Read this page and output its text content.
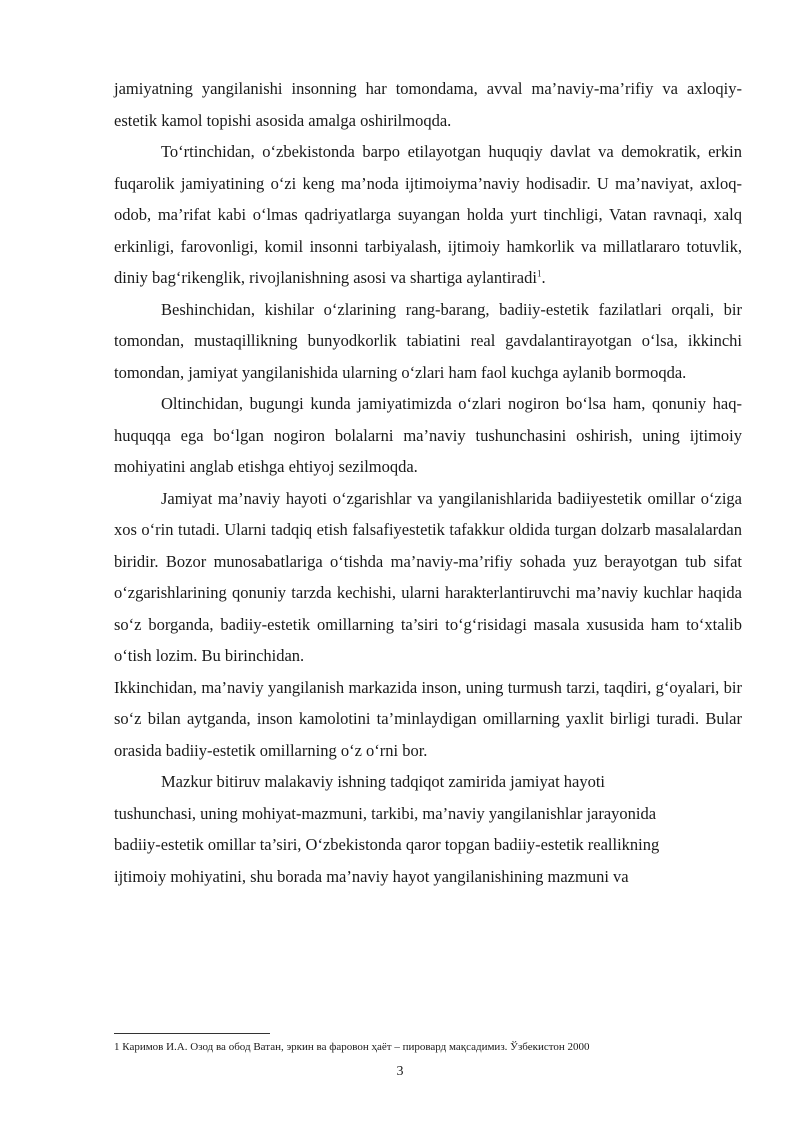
jamiyatning yangilanishi insonning har tomondama, avval ma’naviy-ma’rifiy va axloqiy-estetik kamol topishi asosida amalga oshirilmoqda.

To‘rtinchidan, o‘zbekistonda barpo etilayotgan huquqiy davlat va demokratik, erkin fuqarolik jamiyatining o‘zi keng ma’noda ijtimoiyma’naviy hodisadir. U ma’naviyat, axloq-odob, ma’rifat kabi o‘lmas qadriyatlarga suyangan holda yurt tinchligi, Vatan ravnaqi, xalq erkinligi, farovonligi, komil insonni tarbiyalash, ijtimoiy hamkorlik va millatlararo totuvlik, diniy bag‘rikenglik, rivojlanishning asosi va shartiga aylantiradi$^1$.

Beshinchidan, kishilar o‘zlarining rang-barang, badiiy-estetik fazilatlari orqali, bir tomondan, mustaqillikning bunyodkorlik tabiatini real gavdalantirayotgan o‘lsa, ikkinchi tomondan, jamiyat yangilanishida ularning o‘zlari ham faol kuchga aylanib bormoqda.

Oltinchidan, bugungi kunda jamiyatimizda o‘zlari nogiron bo‘lsa ham, qonuniy haq-huquqqa ega bo‘lgan nogiron bolalarni ma’naviy tushunchasini oshirish, uning ijtimoiy mohiyatini anglab etishga ehtiyoj sezilmoqda.

Jamiyat ma’naviy hayoti o‘zgarishlar va yangilanishlarida badiiyestetik omillar o‘ziga xos o‘rin tutadi. Ularni tadqiq etish falsafiyestetik tafakkur oldida turgan dolzarb masalalardan biridir. Bozor munosabatlariga o‘tishda ma’naviy-ma’rifiy sohada yuz berayotgan tub sifat o‘zgarishlarining qonuniy tarzda kechishi, ularni harakterlantiruvchi ma’naviy kuchlar haqida so‘z borganda, badiiy-estetik omillarning ta’siri to‘g‘risidagi masala xususida ham to‘xtalib o‘tish lozim. Bu birinchidan.

Ikkinchidan, ma’naviy yangilanish markazida inson, uning turmush tarzi, taqdiri, g‘oyalari, bir so‘z bilan aytganda, inson kamolotini ta’minlaydigan omillarning yaxlit birligi turadi. Bular orasida badiiy-estetik omillarning o‘z o‘rni bor.

Mazkur bitiruv malakaviy ishning tadqiqot zamirida jamiyat hayoti
tushunchasi, uning mohiyat-mazmuni, tarkibi, ma’naviy yangilanishlar jarayonida
badiiy-estetik omillar ta’siri, O‘zbekistonda qaror topgan badiiy-estetik reallikning
ijtimoiy mohiyatini, shu borada ma’naviy hayot yangilanishining mazmuni va
1 Каримов И.А. Озод ва обод Ватан, эркин ва фаровон ҳаёт – пировард мақсадимиз. Ўзбекистон 2000
3
